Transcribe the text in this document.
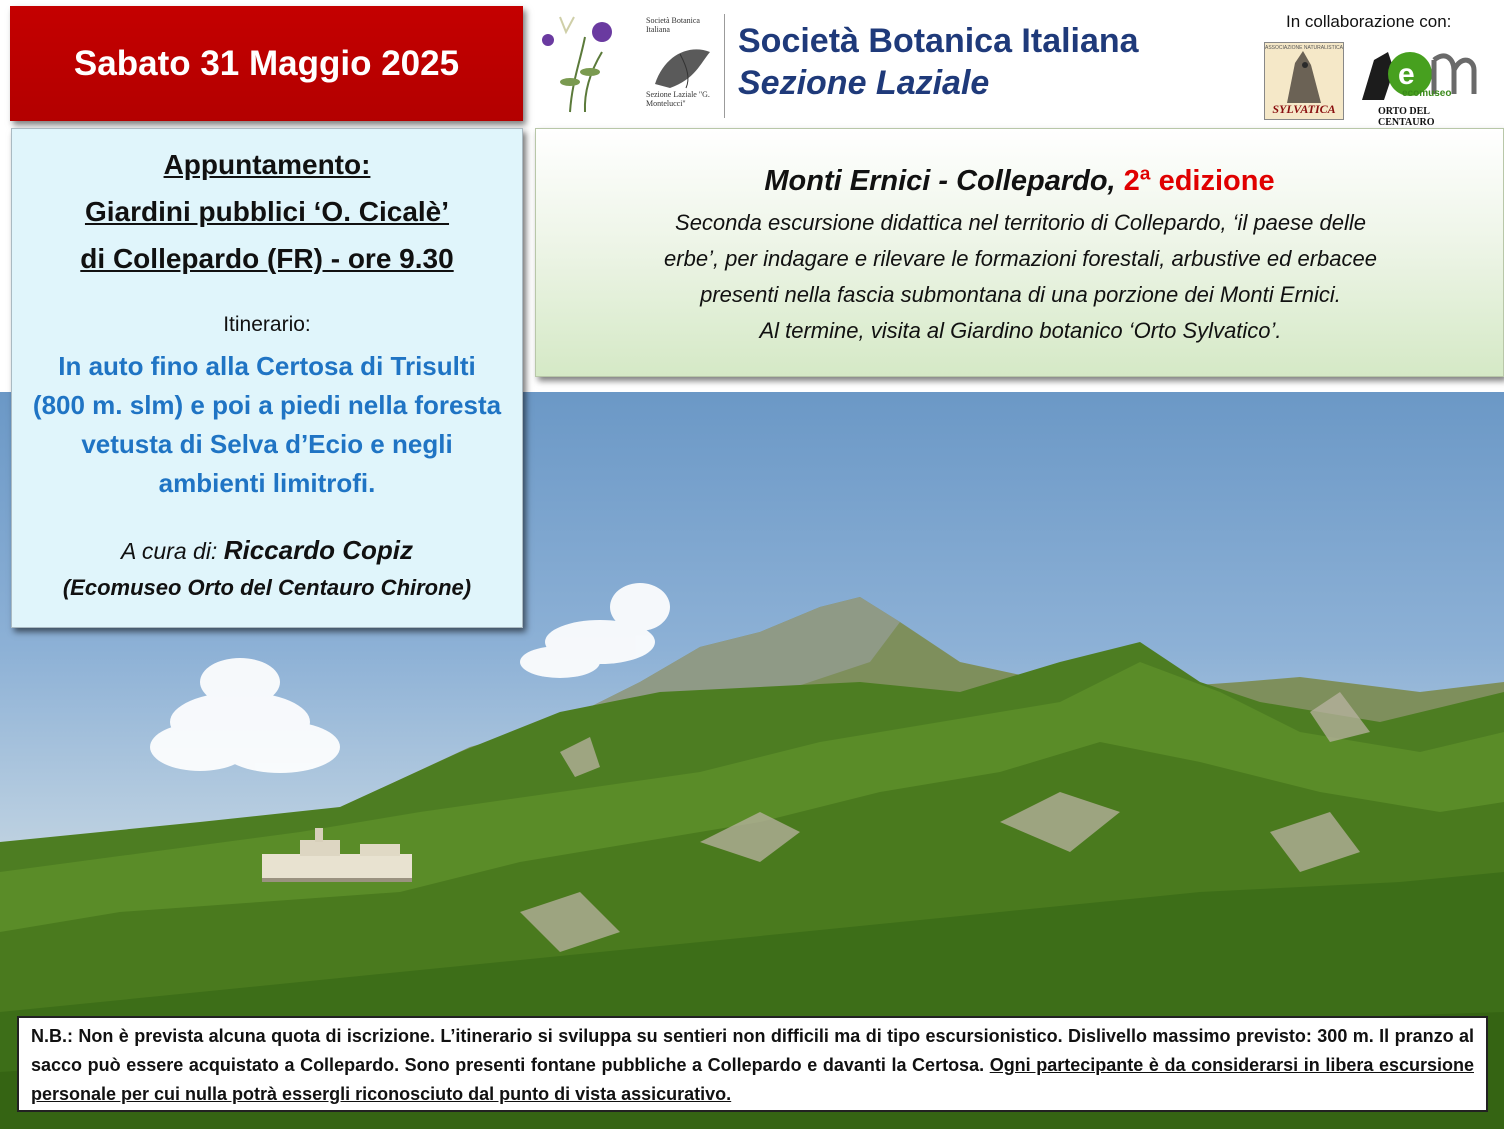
Sabato 31 Maggio 2025
Società Botanica Italiana
Sezione Laziale "G. Montelucci"
Società Botanica Italiana
Sezione Laziale
In collaborazione con:
ASSOCIAZIONE NATURALISTICA
SYLVATICA
e
ecomuseo
ORTO DEL CENTAURO
Appuntamento:
Giardini pubblici ‘O. Cicalè’
di Collepardo (FR) - ore 9.30
Itinerario:
In auto fino alla Certosa di Trisulti (800 m. slm) e poi a piedi nella foresta vetusta di Selva d’Ecio e negli ambienti limitrofi.
A cura di: Riccardo Copiz
(Ecomuseo Orto del Centauro Chirone)
Monti Ernici - Collepardo, 2ª edizione
Seconda escursione didattica nel territorio di Collepardo, ‘il paese delle
erbe’, per indagare e rilevare le formazioni forestali, arbustive ed erbacee
presenti nella fascia submontana di una porzione dei Monti Ernici.
Al termine, visita al Giardino botanico ‘Orto Sylvatico’.
N.B.: Non è prevista alcuna quota di iscrizione. L’itinerario si sviluppa su sentieri non difficili ma di tipo escursionistico. Dislivello massimo previsto: 300 m. Il pranzo al sacco può essere acquistato a Collepardo. Sono presenti fontane pubbliche a Collepardo e davanti la Certosa. Ogni partecipante è da considerarsi in libera escursione personale per cui nulla potrà essergli riconosciuto dal punto di vista assicurativo.
